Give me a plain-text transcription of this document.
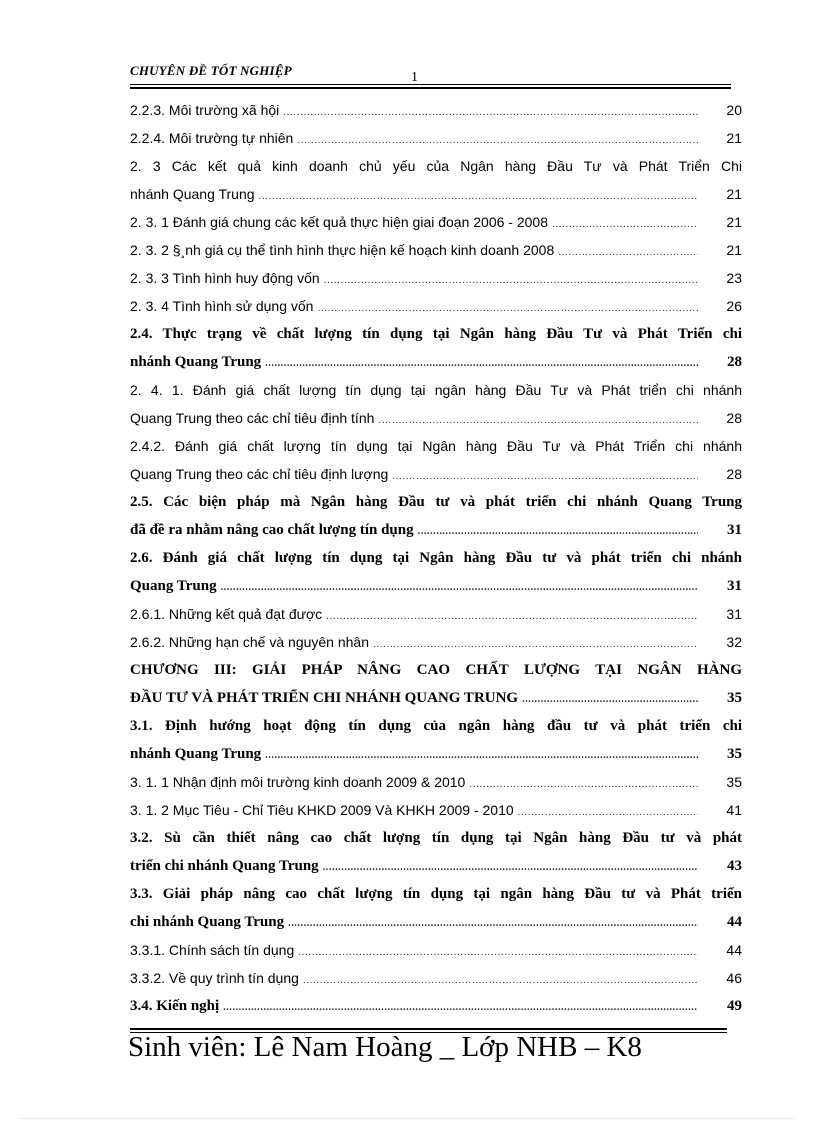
CHUYÊN ĐỀ TỐT NGHIỆP	1
2.2.3. Môi trường xã hội .....	20
2.2.4. Môi trường tự nhiên .....	21
2. 3 Các kết quả kinh doanh chủ yếu của Ngân hàng Đầu Tư và Phát Triển Chi
nhánh Quang Trung .....	21
2. 3. 1 Đánh giá chung các kết quả thực hiện giai đoạn 2006 - 2008 .....	21
2. 3. 2 §¸nh giá cụ thể tình hình thực hiện kế hoạch kinh doanh 2008 .....	21
2. 3. 3 Tình hình huy động vốn .....	23
2. 3. 4 Tình hình sử dụng vốn .....	26
2.4. Thực trạng về chất lượng tín dụng tại Ngân hàng Đầu Tư và Phát Triển chi
nhánh Quang Trung .....	28
2. 4. 1. Đánh giá chất lượng tín dụng tại ngân hàng Đầu Tư và Phát triển chi nhánh
Quang Trung theo các chỉ tiêu định tính .....	28
2.4.2. Đánh giá chất lượng tín dụng tại Ngân hàng Đầu Tư và Phát Triển chi nhánh
Quang Trung theo các chỉ tiêu định lượng .....	28
2.5. Các biện pháp mà Ngân hàng Đầu tư và phát triển chi nhánh Quang Trung
đã đề ra nhằm nâng cao chất lượng tín dụng .....	31
2.6. Đánh giá chất lượng tín dụng tại Ngân hàng Đầu tư và phát triển chi nhánh
Quang Trung .....	31
2.6.1. Những kết quả đạt được .....	31
2.6.2. Những hạn chế và nguyên nhân .....	32
CHƯƠNG III: GIẢI PHÁP NÂNG CAO CHẤT LƯỢNG TẠI NGÂN HÀNG
ĐẦU TƯ VÀ PHÁT TRIỂN CHI NHÁNH QUANG TRUNG .....	35
3.1. Định hướng hoạt động tín dụng của ngân hàng đầu tư và phát triển chi
nhánh Quang Trung .....	35
3. 1. 1 Nhận định môi trường kinh doanh 2009 & 2010 .....	35
3. 1. 2 Mục Tiêu - Chỉ Tiêu KHKD 2009 Và KHKH 2009 - 2010 .....	41
3.2. Sù cần thiết nâng cao chất lượng tín dụng tại Ngân hàng Đầu tư và phát
triển chi nhánh Quang Trung .....	43
3.3. Giải pháp nâng cao chất lượng tín dụng tại ngân hàng Đầu tư và Phát triển
chi nhánh Quang Trung .....	44
3.3.1. Chính sách tín dụng .....	44
3.3.2. Về quy trình tín dụng .....	46
3.4. Kiến nghị .....	49
Sinh viên: Lê Nam Hoàng _ Lớp NHB – K8
